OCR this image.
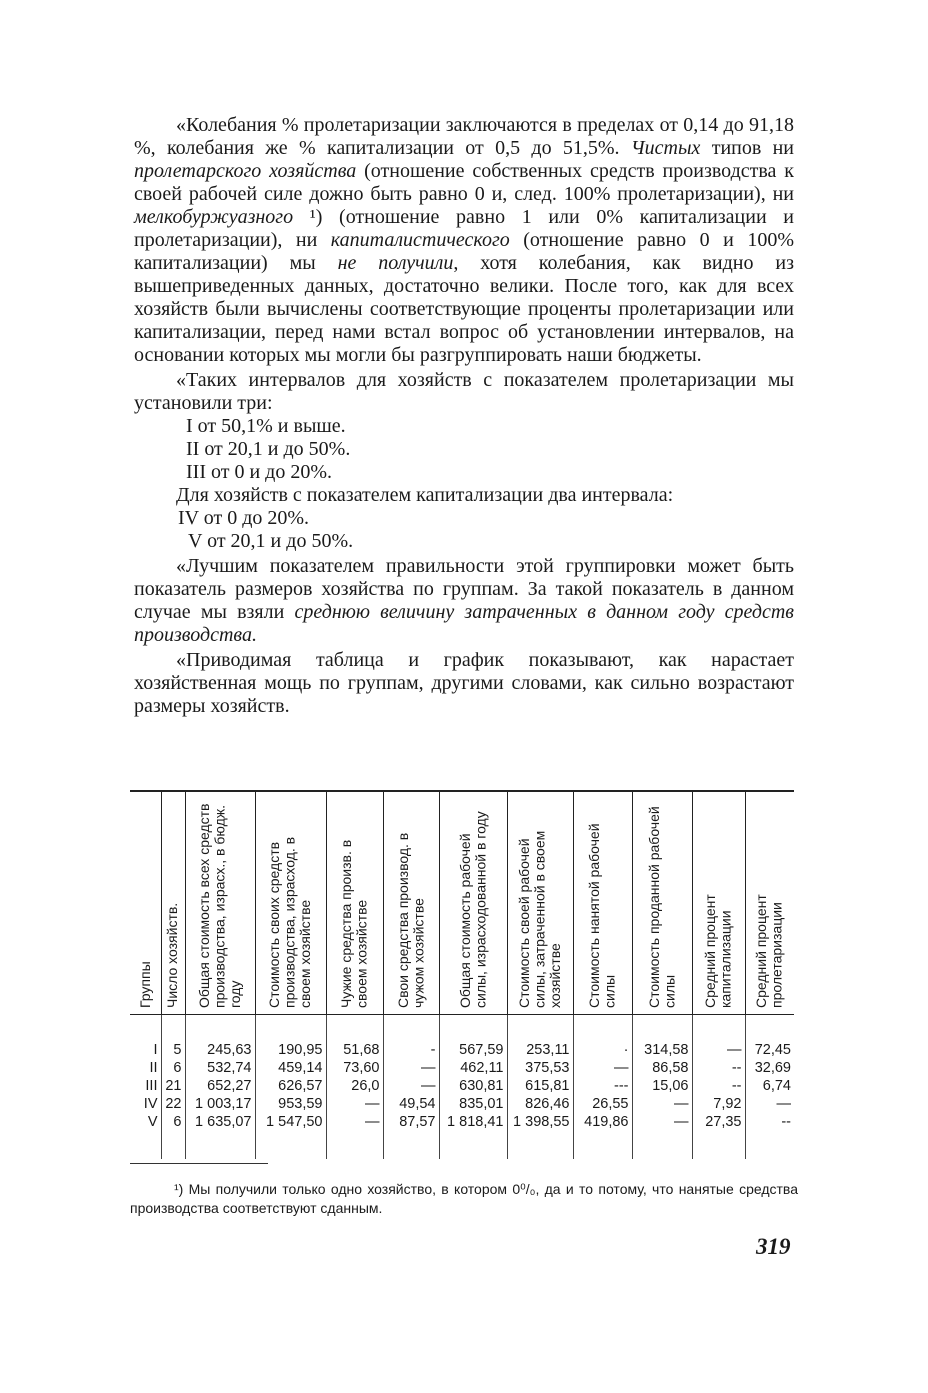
«Колебания % пролетаризации заключаются в пределах от 0,14 до 91,18 %, колебания же % капитализации от 0,5 до 51,5%. Чистых типов ни пролетарского хозяйства (отношение собственных средств производства к своей рабочей силе дожно быть равно 0 и, след. 100% пролетаризации), ни мелкобуржуазного ¹) (отношение равно 1 или 0% капитализации и пролетаризации), ни капиталистического (отношение равно 0 и 100% капитализации) мы не получили, хотя колебания, как видно из вышеприведенных данных, достаточно велики. После того, как для всех хозяйств были вычислены соответствующие проценты пролетаризации или капитализации, перед нами встал вопрос об установлении интервалов, на основании которых мы могли бы разгруппировать наши бюджеты.

«Таких интервалов для хозяйств с показателем пролетаризации мы установили три:

I от 50,1% и выше.

II от 20,1 и до 50%.

III от 0 и до 20%.

Для хозяйств с показателем капитализации два интервала:

IV от 0 до 20%.

V от 20,1 и до 50%.

«Лучшим показателем правильности этой группировки может быть показатель размеров хозяйства по группам. За такой показатель в данном случае мы взяли среднюю величину затраченных в данном году средств производства.

«Приводимая таблица и график показывают, как нарастает хозяйственная мощь по группам, другими словами, как сильно возрастают размеры хозяйств.

Группы	Число хозяйств.	Общая стоимость всех средств производства, израсх., в бюдж. году	Стоимость своих средств производства, израсход. в своем хозяйстве	Чужие средства произв. в своем хозяйстве	Свои средства производ. в чужом хозяйстве	Общая стоимость рабочей силы, израсходованной в году	Стоимость своей рабочей силы, затраченной в своем хозяйстве	Стоимость нанятой рабочей силы	Стоимость проданной рабочей силы	Средний процент капитализации	Средний процент пролетаризации

I	5	245,63	190,95	51,68	-	567,59	253,11	·	314,58	—	72,45
II	6	532,74	459,14	73,60	—	462,11	375,53	—	86,58	--	32,69
III	21	652,27	626,57	26,0	—	630,81	615,81	---	15,06	--	6,74
IV	22	1 003,17	953,59	—	49,54	835,01	826,46	26,55	—	7,92	—
V	6	1 635,07	1 547,50	—	87,57	1 818,41	1 398,55	419,86	—	27,35	--

¹) Мы получили только одно хозяйство, в котором 0⁰/₀, да и то потому, что нанятые средства производства соответствуют сданным.
319
